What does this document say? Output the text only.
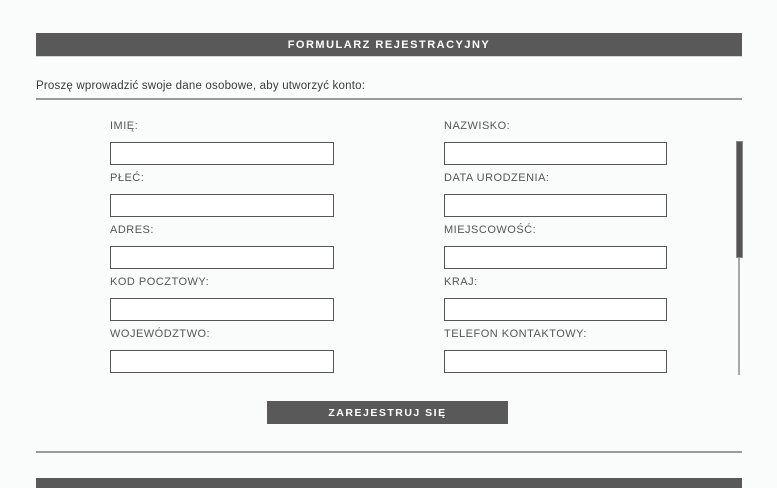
FORMULARZ REJESTRACYJNY
Proszę wprowadzić swoje dane osobowe, aby utworzyć konto:
IMIĘ:
PŁEĆ:
ADRES:
KOD POCZTOWY:
WOJEWÓDZTWO:
NAZWISKO:
DATA URODZENIA:
MIEJSCOWOŚĆ:
KRAJ:
TELEFON KONTAKTOWY:
ZAREJESTRUJ SIĘ
